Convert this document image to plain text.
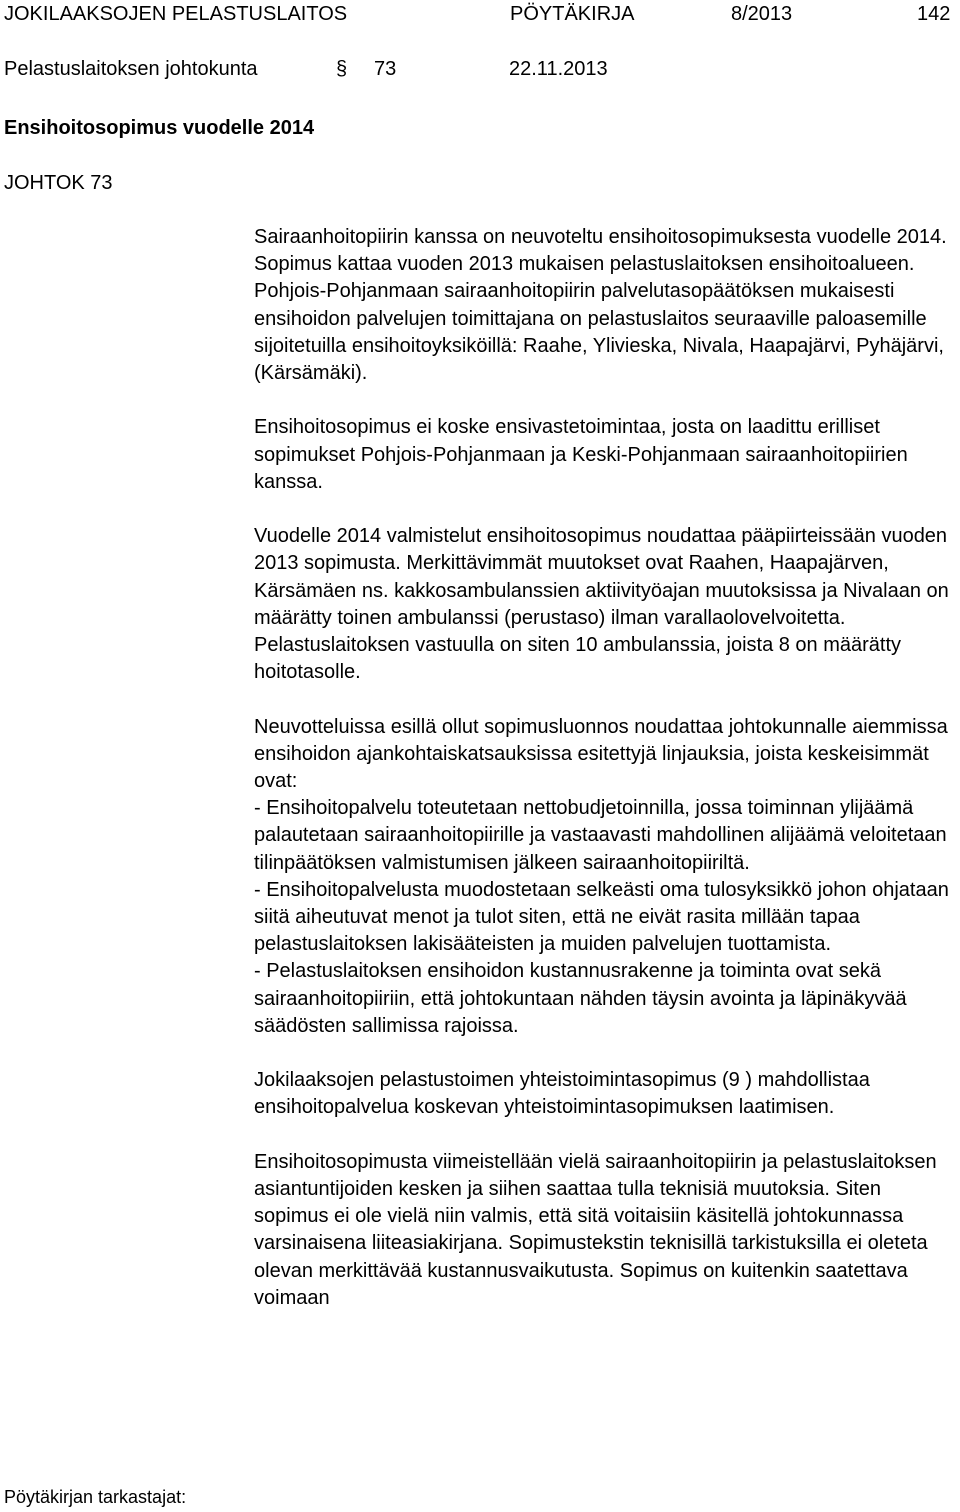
JOKILAAKSOJEN PELASTUSLAITOS	PÖYTÄKIRJA	8/2013	142
Pelastuslaitoksen johtokunta	§ 73	22.11.2013
Ensihoitosopimus vuodelle 2014
JOHTOK 73

Sairaanhoitopiirin kanssa on neuvoteltu ensihoitosopimuksesta vuodelle 2014. Sopimus kattaa vuoden 2013 mukaisen pelastuslaitoksen ensihoitoalueen. Pohjois-Pohjanmaan sairaanhoitopiirin palvelutasopäätöksen mukaisesti ensihoidon palvelujen toimittajana on pelastuslaitos seuraaville paloasemille sijoitetuilla ensihoitoyksiköillä: Raahe, Ylivieska, Nivala, Haapajärvi, Pyhäjärvi, (Kärsämäki).

Ensihoitosopimus ei koske ensivastetoimintaa, josta on laadittu erilliset sopimukset Pohjois-Pohjanmaan ja Keski-Pohjanmaan sairaanhoitopiirien kanssa.

Vuodelle 2014 valmistelut ensihoitosopimus noudattaa pääpiirteissään vuoden 2013 sopimusta. Merkittävimmät muutokset ovat Raahen, Haapajärven, Kärsämäen ns. kakkosambulanssien aktiivityöajan muutoksissa ja Nivalaan on määrätty toinen ambulanssi (perustaso) ilman varallaolovelvoitetta. Pelastuslaitoksen vastuulla on siten 10 ambulanssia, joista 8 on määrätty hoitotasolle.

Neuvotteluissa esillä ollut sopimusluonnos noudattaa johtokunnalle aiemmissa ensihoidon ajankohtaiskatsauksissa esitettyjä linjauksia, joista keskeisimmät ovat:
- Ensihoitopalvelu toteutetaan nettobudjetoinnilla, jossa toiminnan ylijäämä palautetaan sairaanhoitopiirille ja vastaavasti mahdollinen alijäämä veloitetaan tilinpäätöksen valmistumisen jälkeen sairaanhoitopiiriltä.
- Ensihoitopalvelusta muodostetaan selkeästi oma tulosyksikkö johon ohjataan siitä aiheutuvat menot ja tulot siten, että ne eivät rasita millään tapaa pelastuslaitoksen lakisääteisten ja muiden palvelujen tuottamista.
- Pelastuslaitoksen ensihoidon kustannusrakenne ja toiminta ovat sekä sairaanhoitopiiriin, että johtokuntaan nähden täysin avointa ja läpinäkyvää säädösten sallimissa rajoissa.

Jokilaaksojen pelastustoimen yhteistoimintasopimus (9 ) mahdollistaa ensihoitopalvelua koskevan yhteistoimintasopimuksen laatimisen.

Ensihoitosopimusta viimeistellään vielä sairaanhoitopiirin ja pelastuslaitoksen asiantuntijoiden kesken ja siihen saattaa tulla teknisiä muutoksia. Siten sopimus ei ole vielä niin valmis, että sitä voitaisiin käsitellä johtokunnassa varsinaisena liiteasiakirjana. Sopimustekstin teknisillä tarkistuksilla ei oleteta olevan merkittävää kustannusvaikutusta. Sopimus on kuitenkin saatettava voimaan

Pöytäkirjan tarkastajat:
